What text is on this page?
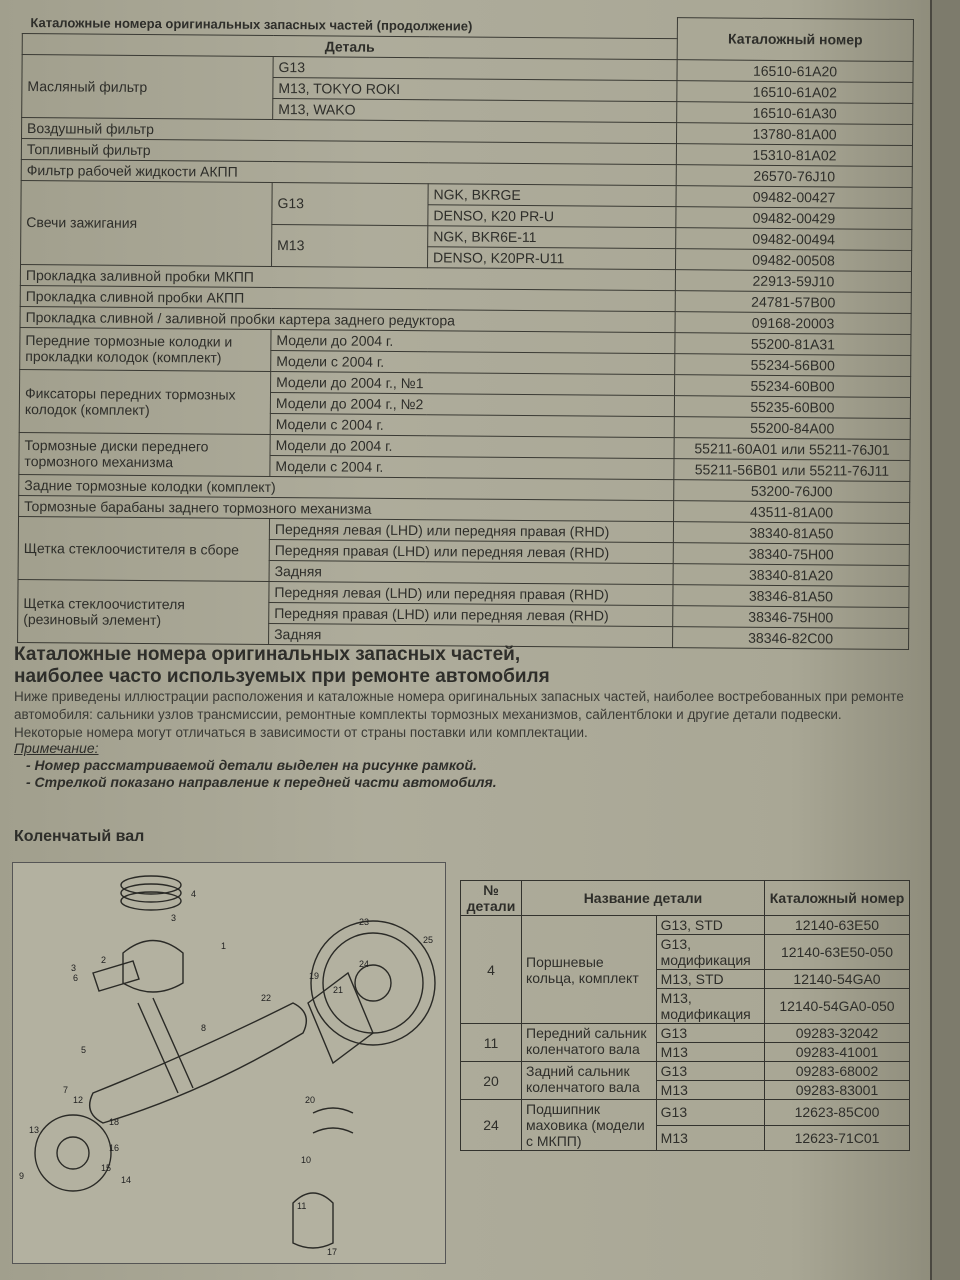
Каталожные номера оригинальных запасных частей (продолжение)			Каталожный номер
Деталь			
Масляный фильтр	G13		16510-61A20
	M13, TOKYO ROKI		16510-61A02
	M13, WAKO		16510-61A30
Воздушный фильтр			13780-81A00
Топливный фильтр			15310-81A02
Фильтр рабочей жидкости АКПП			26570-76J10
Свечи зажигания	G13	NGK, BKRGE	09482-00427
		DENSO, K20 PR-U	09482-00429
	M13	NGK, BKR6E-11	09482-00494
		DENSO, K20PR-U11	09482-00508
Прокладка заливной пробки МКПП			22913-59J10
Прокладка сливной пробки АКПП			24781-57B00
Прокладка сливной / заливной пробки картера заднего редуктора			09168-20003
Передние тормозные колодки и прокладки колодок (комплект)	Модели до 2004 г.		55200-81A31
	Модели с 2004 г.		55234-56B00
Фиксаторы передних тормозных колодок (комплект)	Модели до 2004 г., №1		55234-60B00
	Модели до 2004 г., №2		55235-60B00
	Модели с 2004 г.		55200-84A00
Тормозные диски переднего тормозного механизма	Модели до 2004 г.		55211-60A01 или 55211-76J01
	Модели с 2004 г.		55211-56B01 или 55211-76J11
Задние тормозные колодки (комплект)			53200-76J00
Тормозные барабаны заднего тормозного механизма			43511-81A00
Щетка стеклоочистителя в сборе	Передняя левая (LHD) или передняя правая (RHD)		38340-81A50
	Передняя правая (LHD) или передняя левая (RHD)		38340-75H00
	Задняя		38340-81A20
Щетка стеклоочистителя (резиновый элемент)	Передняя левая (LHD) или передняя правая (RHD)		38346-81A50
	Передняя правая (LHD) или передняя левая (RHD)		38346-75H00
	Задняя		38346-82C00
Каталожные номера оригинальных запасных частей,
наиболее часто используемых при ремонте автомобиля
Ниже приведены иллюстрации расположения и каталожные номера оригинальных запасных частей, наиболее востребованных при ремонте автомобиля: сальники узлов трансмиссии, ремонтные комплекты тормозных механизмов, сайлентблоки и другие детали подвески. Некоторые номера могут отличаться в зависимости от страны поставки или комплектации.
Примечание:
- Номер рассматриваемой детали выделен на рисунке рамкой.
- Стрелкой показано направление к передней части автомобиля.
Коленчатый вал
4
3
1
2
3
6
5
8
7
22
19
21
24
23
25
20
13
12
18
16
15
14
9
10
11
17
№ детали	Название детали		Каталожный номер
4	Поршневые кольца, комплект	G13, STD	12140-63E50
		G13, модификация	12140-63E50-050
		M13, STD	12140-54GA0
		M13, модификация	12140-54GA0-050
11	Передний сальник коленчатого вала	G13	09283-32042
		M13	09283-41001
20	Задний сальник коленчатого вала	G13	09283-68002
		M13	09283-83001
24	Подшипник маховика (модели с МКПП)	G13	12623-85C00
		M13	12623-71C01
